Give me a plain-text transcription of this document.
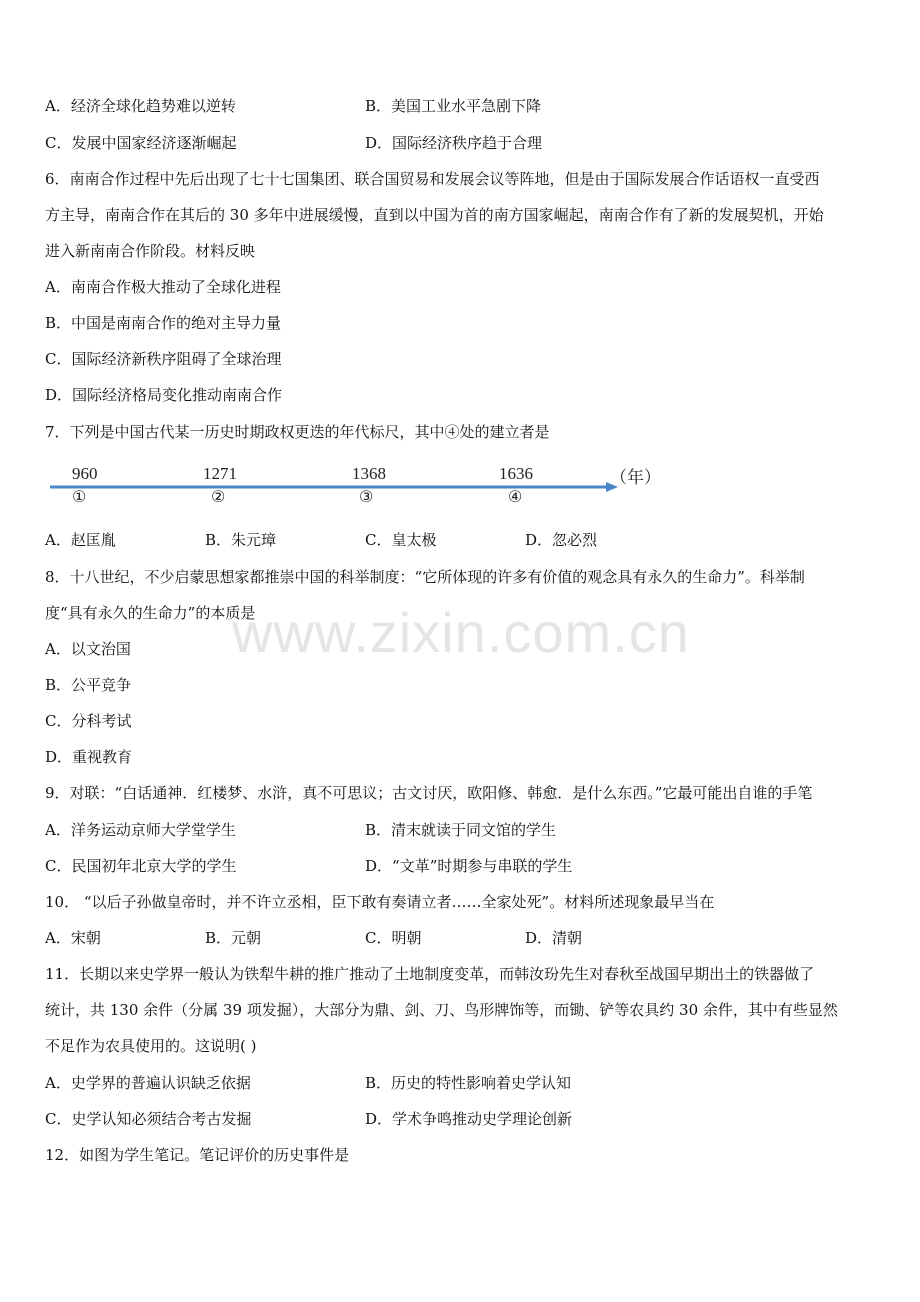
www.zixin.com.cn
A．经济全球化趋势难以逆转	B．美国工业水平急剧下降
C．发展中国家经济逐渐崛起	D．国际经济秩序趋于合理
6．南南合作过程中先后出现了七十七国集团、联合国贸易和发展会议等阵地，但是由于国际发展合作话语权一直受西
方主导，南南合作在其后的 30 多年中进展缓慢，直到以中国为首的南方国家崛起，南南合作有了新的发展契机，开始
进入新南南合作阶段。材料反映
A．南南合作极大推动了全球化进程
B．中国是南南合作的绝对主导力量
C．国际经济新秩序阻碍了全球治理
D．国际经济格局变化推动南南合作
7．下列是中国古代某一历史时期政权更迭的年代标尺，其中④处的建立者是
960	1271	1368	1636	（年）
①	②	③	④
A．赵匡胤	B．朱元璋	C．皇太极	D．忽必烈
8．十八世纪，不少启蒙思想家都推崇中国的科举制度：“它所体现的许多有价值的观念具有永久的生命力”。科举制
度“具有永久的生命力”的本质是
A．以文治国
B．公平竞争
C．分科考试
D．重视教育
9．对联：“白话通神．红楼梦、水浒，真不可思议；古文讨厌，欧阳修、韩愈．是什么东西。”它最可能出自谁的手笔
A．洋务运动京师大学堂学生	B．清末就读于同文馆的学生
C．民国初年北京大学的学生	D．“文革”时期参与串联的学生
10． “以后子孙做皇帝时，并不许立丞相，臣下敢有奏请立者……全家处死”。材料所述现象最早当在
A．宋朝	B．元朝	C．明朝	D．清朝
11．长期以来史学界一般认为铁犁牛耕的推广推动了土地制度变革，而韩汝玢先生对春秋至战国早期出土的铁器做了
统计，共 130 余件（分属 39 项发掘），大部分为鼎、剑、刀、鸟形牌饰等，而锄、铲等农具约 30 余件，其中有些显然
不足作为农具使用的。这说明( )
A．史学界的普遍认识缺乏依据	B．历史的特性影响着史学认知
C．史学认知必须结合考古发掘	D．学术争鸣推动史学理论创新
12．如图为学生笔记。笔记评价的历史事件是
